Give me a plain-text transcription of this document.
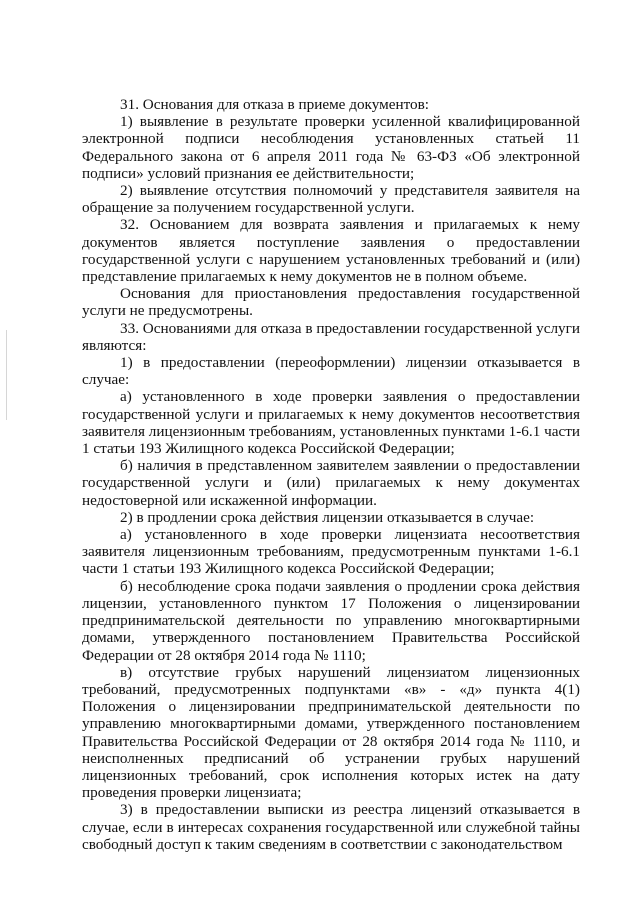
31. Основания для отказа в приеме документов:

1) выявление в результате проверки усиленной квалифицированной электронной подписи несоблюдения установленных статьей 11 Федерального закона от 6 апреля 2011 года № 63-ФЗ «Об электронной подписи» условий признания ее действительности;

2) выявление отсутствия полномочий у представителя заявителя на обращение за получением государственной услуги.

32. Основанием для возврата заявления и прилагаемых к нему документов является поступление заявления о предоставлении государственной услуги с нарушением установленных требований и (или) представление прилагаемых к нему документов не в полном объеме.

Основания для приостановления предоставления государственной услуги не предусмотрены.

33. Основаниями для отказа в предоставлении государственной услуги являются:

1) в предоставлении (переоформлении) лицензии отказывается в случае:

а) установленного в ходе проверки заявления о предоставлении государственной услуги и прилагаемых к нему документов несоответствия заявителя лицензионным требованиям, установленных пунктами 1-6.1 части 1 статьи 193 Жилищного кодекса Российской Федерации;

б) наличия в представленном заявителем заявлении о предоставлении государственной услуги и (или) прилагаемых к нему документах недостоверной или искаженной информации.

2) в продлении срока действия лицензии отказывается в случае:

а) установленного в ходе проверки лицензиата несоответствия заявителя лицензионным требованиям, предусмотренным пунктами 1-6.1 части 1 статьи 193 Жилищного кодекса Российской Федерации;

б) несоблюдение срока подачи заявления о продлении срока действия лицензии, установленного пунктом 17 Положения о лицензировании предпринимательской деятельности по управлению многоквартирными домами, утвержденного постановлением Правительства Российской Федерации от 28 октября 2014 года № 1110;

в) отсутствие грубых нарушений лицензиатом лицензионных требований, предусмотренных подпунктами «в» - «д» пункта 4(1) Положения о лицензировании предпринимательской деятельности по управлению многоквартирными домами, утвержденного постановлением Правительства Российской Федерации от 28 октября 2014 года № 1110, и неисполненных предписаний об устранении грубых нарушений лицензионных требований, срок исполнения которых истек на дату проведения проверки лицензиата;

3) в предоставлении выписки из реестра лицензий отказывается в случае, если в интересах сохранения государственной или служебной тайны свободный доступ к таким сведениям в соответствии с законодательством
